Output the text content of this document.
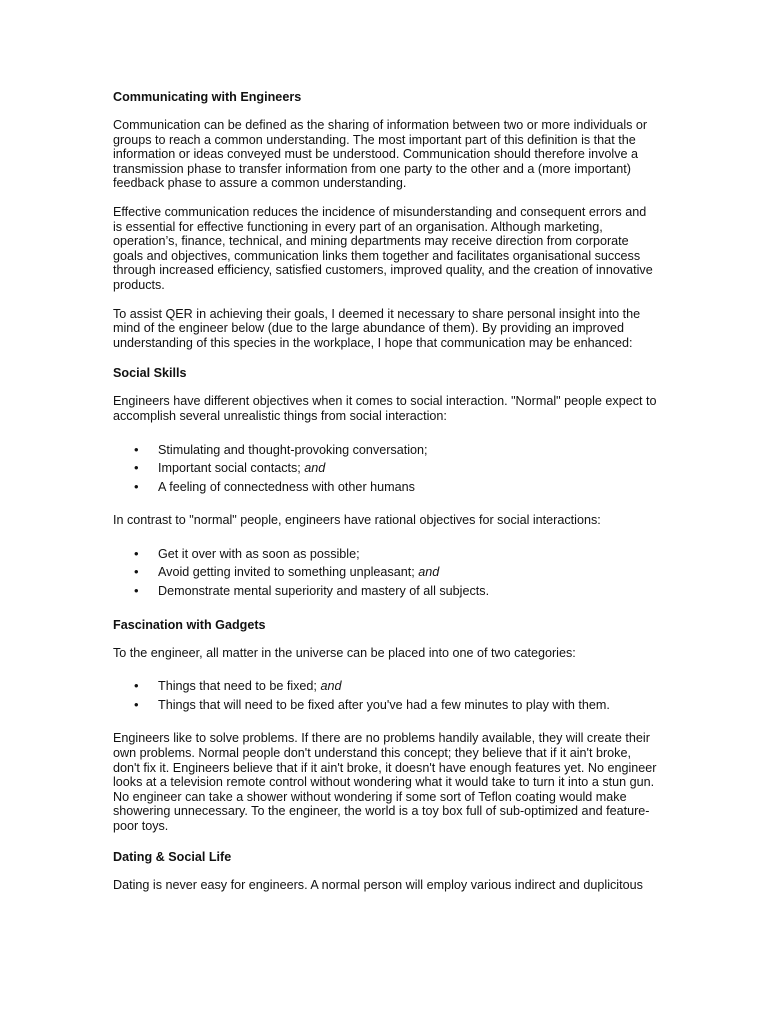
Communicating with Engineers

Communication can be defined as the sharing of information between two or more individuals or groups to reach a common understanding. The most important part of this definition is that the information or ideas conveyed must be understood. Communication should therefore involve a transmission phase to transfer information from one party to the other and a (more important) feedback phase to assure a common understanding.

Effective communication reduces the incidence of misunderstanding and consequent errors and is essential for effective functioning in every part of an organisation. Although marketing, operation’s, finance, technical, and mining departments may receive direction from corporate goals and objectives, communication links them together and facilitates organisational success through increased efficiency, satisfied customers, improved quality, and the creation of innovative products.

To assist QER in achieving their goals, I deemed it necessary to share personal insight into the mind of the engineer below (due to the large abundance of them). By providing an improved understanding of this species in the workplace, I hope that communication may be enhanced:

Social Skills

Engineers have different objectives when it comes to social interaction. "Normal" people expect to accomplish several unrealistic things from social interaction:

• Stimulating and thought-provoking conversation;
• Important social contacts; and
• A feeling of connectedness with other humans

In contrast to "normal" people, engineers have rational objectives for social interactions:

• Get it over with as soon as possible;
• Avoid getting invited to something unpleasant; and
• Demonstrate mental superiority and mastery of all subjects.
Fascination with Gadgets

To the engineer, all matter in the universe can be placed into one of two categories:

• Things that need to be fixed; and
• Things that will need to be fixed after you've had a few minutes to play with them.

Engineers like to solve problems. If there are no problems handily available, they will create their own problems. Normal people don't understand this concept; they believe that if it ain't broke, don't fix it. Engineers believe that if it ain't broke, it doesn't have enough features yet. No engineer looks at a television remote control without wondering what it would take to turn it into a stun gun. No engineer can take a shower without wondering if some sort of Teflon coating would make showering unnecessary. To the engineer, the world is a toy box full of sub-optimized and feature-poor toys.

Dating & Social Life

Dating is never easy for engineers. A normal person will employ various indirect and duplicitous
